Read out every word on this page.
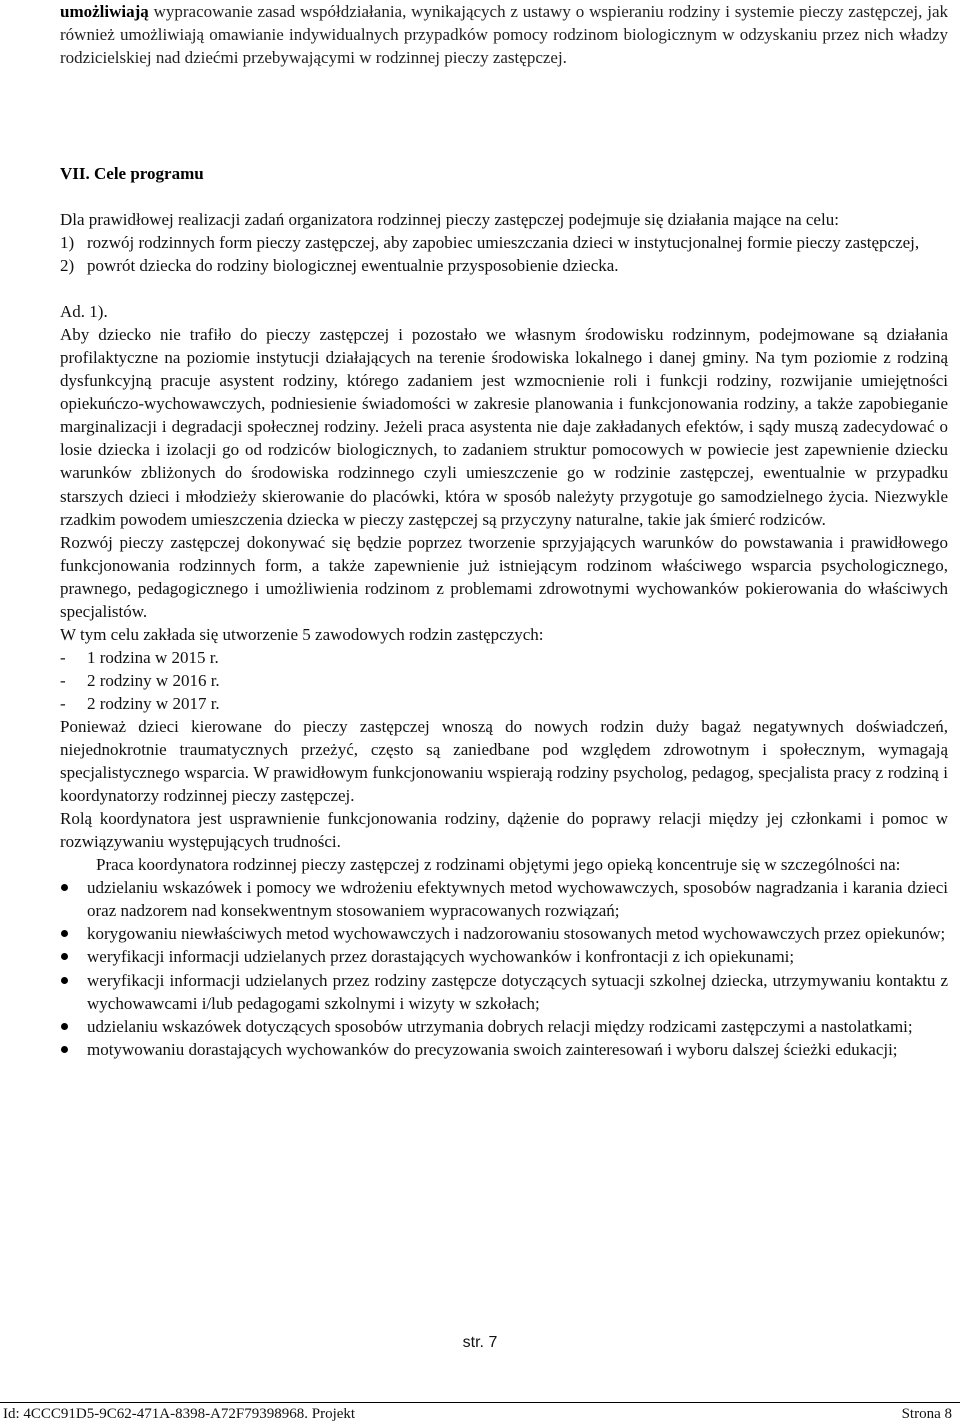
umożliwiają wypracowanie zasad współdziałania, wynikających z ustawy o wspieraniu rodziny i systemie pieczy zastępczej, jak również umożliwiają omawianie indywidualnych przypadków pomocy rodzinom biologicznym w odzyskaniu przez nich władzy rodzicielskiej nad dziećmi przebywającymi w rodzinnej pieczy zastępczej.
VII. Cele programu

Dla prawidłowej realizacji zadań organizatora rodzinnej pieczy zastępczej podejmuje się działania mające na celu:

1) rozwój rodzinnych form pieczy zastępczej, aby zapobiec umieszczania dzieci w instytucjonalnej formie pieczy zastępczej,
2) powrót dziecka do rodziny biologicznej ewentualnie przysposobienie dziecka.

Ad. 1).

Aby dziecko nie trafiło do pieczy zastępczej i pozostało we własnym środowisku rodzinnym, podejmowane są działania profilaktyczne na poziomie instytucji działających na terenie środowiska lokalnego i danej gminy. Na tym poziomie z rodziną dysfunkcyjną pracuje asystent rodziny, którego zadaniem jest wzmocnienie roli i funkcji rodziny, rozwijanie umiejętności opiekuńczo-wychowawczych, podniesienie świadomości w zakresie planowania i funkcjonowania rodziny, a także zapobieganie marginalizacji i degradacji społecznej rodziny. Jeżeli praca asystenta nie daje zakładanych efektów, i sądy muszą zadecydować o losie dziecka i izolacji go od rodziców biologicznych, to zadaniem struktur pomocowych w powiecie jest zapewnienie dziecku warunków zbliżonych do środowiska rodzinnego czyli umieszczenie go w rodzinie zastępczej, ewentualnie w przypadku starszych dzieci i młodzieży skierowanie do placówki, która w sposób należyty przygotuje go samodzielnego życia. Niezwykle rzadkim powodem umieszczenia dziecka w pieczy zastępczej są przyczyny naturalne, takie jak śmierć rodziców.

Rozwój pieczy zastępczej dokonywać się będzie poprzez tworzenie sprzyjających warunków do powstawania i prawidłowego funkcjonowania rodzinnych form, a także zapewnienie już istniejącym rodzinom właściwego wsparcia psychologicznego, prawnego, pedagogicznego i umożliwienia rodzinom z problemami zdrowotnymi wychowanków pokierowania do właściwych specjalistów.

W tym celu zakłada się utworzenie 5 zawodowych rodzin zastępczych:

- 1 rodzina w 2015 r.
- 2 rodziny w 2016 r.
- 2 rodziny w 2017 r.

Ponieważ dzieci kierowane do pieczy zastępczej wnoszą do nowych rodzin duży bagaż negatywnych doświadczeń, niejednokrotnie traumatycznych przeżyć, często są zaniedbane pod względem zdrowotnym i społecznym, wymagają specjalistycznego wsparcia. W prawidłowym funkcjonowaniu wspierają rodziny psycholog, pedagog, specjalista pracy z rodziną i koordynatorzy rodzinnej pieczy zastępczej.

Rolą koordynatora jest usprawnienie funkcjonowania rodziny, dążenie do poprawy relacji między jej członkami i pomoc w rozwiązywaniu występujących trudności.

Praca koordynatora rodzinnej pieczy zastępczej z rodzinami objętymi jego opieką koncentruje się w szczególności na:

udzielaniu wskazówek i pomocy we wdrożeniu efektywnych metod wychowawczych, sposobów nagradzania i karania dzieci oraz nadzorem nad konsekwentnym stosowaniem wypracowanych rozwiązań;
korygowaniu niewłaściwych metod wychowawczych i nadzorowaniu stosowanych metod wychowawczych przez opiekunów;
weryfikacji informacji udzielanych przez dorastających wychowanków i konfrontacji z ich opiekunami;
weryfikacji informacji udzielanych przez rodziny zastępcze dotyczących sytuacji szkolnej dziecka, utrzymywaniu kontaktu z wychowawcami i/lub pedagogami szkolnymi i wizyty w szkołach;
udzielaniu wskazówek dotyczących sposobów utrzymania dobrych relacji między rodzicami zastępczymi a nastolatkami;
motywowaniu dorastających wychowanków do precyzowania swoich zainteresowań i wyboru dalszej ścieżki edukacji;
str. 7
Id: 4CCC91D5-9C62-471A-8398-A72F79398968. Projekt	Strona 8
